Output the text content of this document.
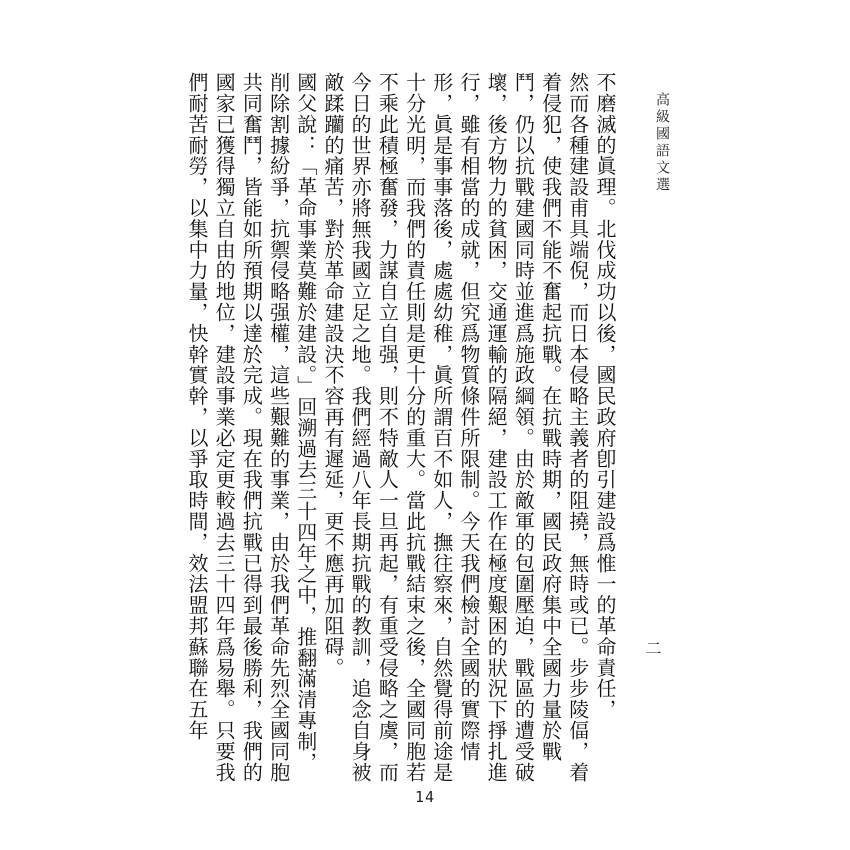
高級國語文選
二

不磨滅的眞理。北伐成功以後，國民政府卽引建設爲惟一的革命責任，

然而各種建設甫具端倪，而日本侵略主義者的阻撓，無時或已。步步陵偪，着着侵犯，使我們不能不奮起抗戰。在抗戰時期，國民政府集中全國力量於戰鬥，仍以抗戰建國同時並進爲施政綱領。由於敵軍的包圍壓迫，戰區的遭受破壞，後方物力的貧困，交通運輸的隔絕，建設工作在極度艱困的狀況下掙扎進行，雖有相當的成就，但究爲物質條件所限制。今天我們檢討全國的實際情形，眞是事事落後，處處幼稚，眞所謂百不如人，撫往察來，自然覺得前途是十分光明，而我們的責任則是更十分的重大。當此抗戰結束之後，全國同胞若不乘此積極奮發，力謀自立自强，則不特敵人一旦再起，有重受侵略之虞，而今日的世界亦將無我國立足之地。我們經過八年長期抗戰的教訓，追念自身被敵蹂躪的痛苦，對於革命建設決不容再有遲延，更不應再加阻碍。

國父說：「革命事業莫難於建設。」回溯過去三十四年之中，推翻滿清專制，削除割據紛爭，抗禦侵略强權，這些艱難的事業，由於我們革命先烈全國同胞共同奮鬥，皆能如所預期以達於完成。現在我們抗戰已得到最後勝利，我們的國家已獲得獨立自由的地位，建設事業必定更較過去三十四年爲易舉。只要我們耐苦耐勞，以集中力量，快幹實幹，以爭取時間，效法盟邦蘇聯在五年

14
